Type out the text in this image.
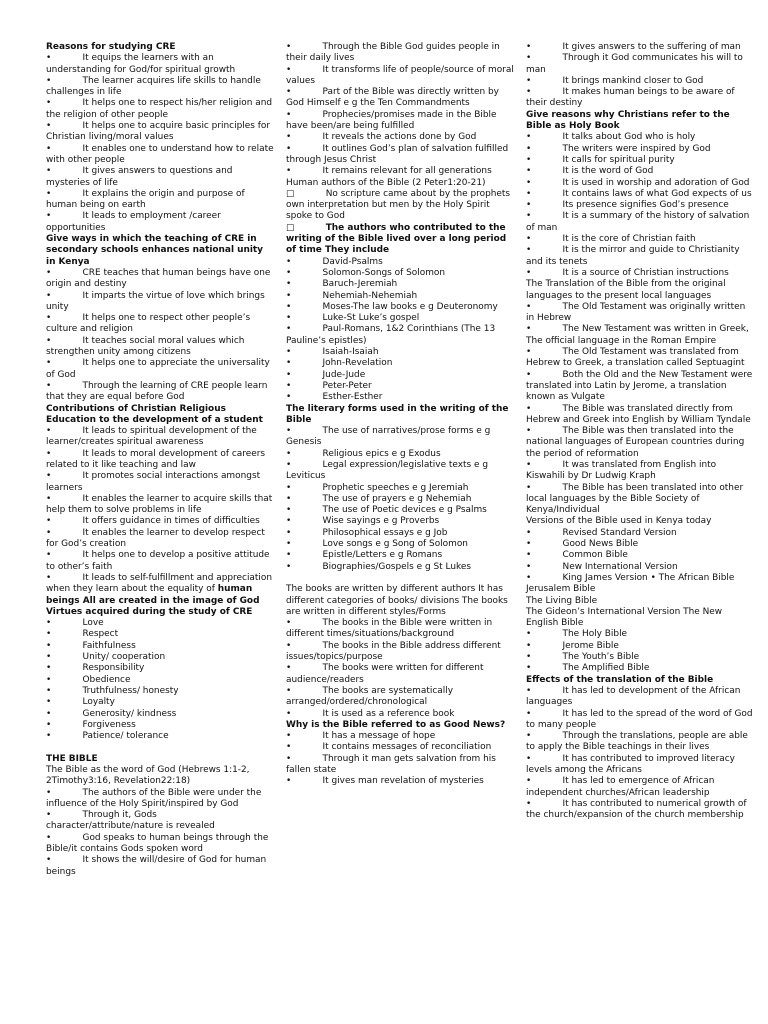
Reasons for studying CRE
•           It equips the learners with an understanding for God/for spiritual growth
•           The learner acquires life skills to handle challenges in life
•           It helps one to respect his/her religion and the religion of other people
•           It helps one to acquire basic principles for Christian living/moral values
•           It enables one to understand how to relate with other people
•           It gives answers to questions and mysteries of life
•           It explains the origin and purpose of human being on earth
•           It leads to employment /career opportunities
Give ways in which the teaching of CRE in secondary schools enhances national unity in Kenya
•           CRE teaches that human beings have one origin and destiny
•           It imparts the virtue of love which brings unity
•           It helps one to respect other people’s culture and religion
•           It teaches social moral values which strengthen unity among citizens
•           It helps one to appreciate the universality of God
•           Through the learning of CRE people learn that they are equal before God
Contributions of Christian Religious Education to the development of a student
•           It leads to spiritual development of the learner/creates spiritual awareness
•           It leads to moral development of careers related to it like teaching and law
•           It promotes social interactions amongst learners
•           It enables the learner to acquire skills that help them to solve problems in life
•           It offers guidance in times of difficulties
•           It enables the learner to develop respect for God’s creation
•           It helps one to develop a positive attitude to other’s faith
•           It leads to self-fulfillment and appreciation when they learn about the equality of human beings All are created in the image of God
Virtues acquired during the study of CRE
•           Love
•           Respect
•           Faithfulness
•           Unity/ cooperation
•           Responsibility
•           Obedience
•           Truthfulness/ honesty
•           Loyalty
•           Generosity/ kindness
•           Forgiveness
•           Patience/ tolerance
THE BIBLE
The Bible as the word of God (Hebrews 1:1-2, 2Timothy3:16, Revelation22:18)
•           The authors of the Bible were under the influence of the Holy Spirit/inspired by God
•           Through it, Gods character/attribute/nature is revealed
•           God speaks to human beings through the Bible/it contains Gods spoken word
•           It shows the will/desire of God for human beings
•           Through the Bible God guides people in their daily lives
•           It transforms life of people/source of moral values
•           Part of the Bible was directly written by God Himself e g the Ten Commandments
•           Prophecies/promises made in the Bible have been/are being fulfilled
•           It reveals the actions done by God
•           It outlines God’s plan of salvation fulfilled through Jesus Christ
•           It remains relevant for all generations
Human authors of the Bible (2 Peter1:20-21)
□           No scripture came about by the prophets own interpretation but men by the Holy Spirit spoke to God
□           The authors who contributed to the writing of the Bible lived over a long period of time They include
•           David-Psalms
•           Solomon-Songs of Solomon
•           Baruch-Jeremiah
•           Nehemiah-Nehemiah
•           Moses-The law books e g Deuteronomy
•           Luke-St Luke’s gospel
•           Paul-Romans, 1&2 Corinthians (The 13 Pauline’s epistles)
•           Isaiah-Isaiah
•           John-Revelation
•           Jude-Jude
•           Peter-Peter
•           Esther-Esther
The literary forms used in the writing of the Bible
•           The use of narratives/prose forms e g Genesis
•           Religious epics e g Exodus
•           Legal expression/legislative texts e g Leviticus
•           Prophetic speeches e g Jeremiah
•           The use of prayers e g Nehemiah
•           The use of Poetic devices e g Psalms
•           Wise sayings e g Proverbs
•           Philosophical essays e g Job
•           Love songs e g Song of Solomon
•           Epistle/Letters e g Romans
•           Biographies/Gospels e g St Lukes
The books are written by different authors It has different categories of books/ divisions The books are written in different styles/Forms
•           The books in the Bible were written in different times/situations/background
•           The books in the Bible address different issues/topics/purpose
•           The books were written for different audience/readers
•           The books are systematically arranged/ordered/chronological
•           It is used as a reference book
Why is the Bible referred to as Good News?
•           It has a message of hope
•           It contains messages of reconciliation
•           Through it man gets salvation from his fallen state
•           It gives man revelation of mysteries
•           It gives answers to the suffering of man
•           Through it God communicates his will to man
•           It brings mankind closer to God
•           It makes human beings to be aware of their destiny
Give reasons why Christians refer to the Bible as Holy Book
•           It talks about God who is holy
•           The writers were inspired by God
•           It calls for spiritual purity
•           It is the word of God
•           It is used in worship and adoration of God
•           It contains laws of what God expects of us
•           Its presence signifies God’s presence
•           It is a summary of the history of salvation of man
•           It is the core of Christian faith
•           It is the mirror and guide to Christianity and its tenets
•           It is a source of Christian instructions
The Translation of the Bible from the original languages to the present local languages
•           The Old Testament was originally written in Hebrew
•           The New Testament was written in Greek, The official language in the Roman Empire
•           The Old Testament was translated from Hebrew to Greek, a translation called Septuagint
•           Both the Old and the New Testament were translated into Latin by Jerome, a translation known as Vulgate
•           The Bible was translated directly from Hebrew and Greek into English by William Tyndale
•           The Bible was then translated into the national languages of European countries during the period of reformation
•           It was translated from English into Kiswahili by Dr Ludwig Kraph
•           The Bible has been translated into other local languages by the Bible Society of Kenya/Individual
Versions of the Bible used in Kenya today
•           Revised Standard Version
•           Good News Bible
•           Common Bible
•           New International Version
•           King James Version • The African Bible Jerusalem Bible
The Living Bible
The Gideon’s International Version The New English Bible
•           The Holy Bible
•           Jerome Bible
•           The Youth’s Bible
•           The Amplified Bible
Effects of the translation of the Bible
•           It has led to development of the African languages
•           It has led to the spread of the word of God to many people
•           Through the translations, people are able to apply the Bible teachings in their lives
•           It has contributed to improved literacy levels among the Africans
•           It has led to emergence of African independent churches/African leadership
•           It has contributed to numerical growth of the church/expansion of the church membership
